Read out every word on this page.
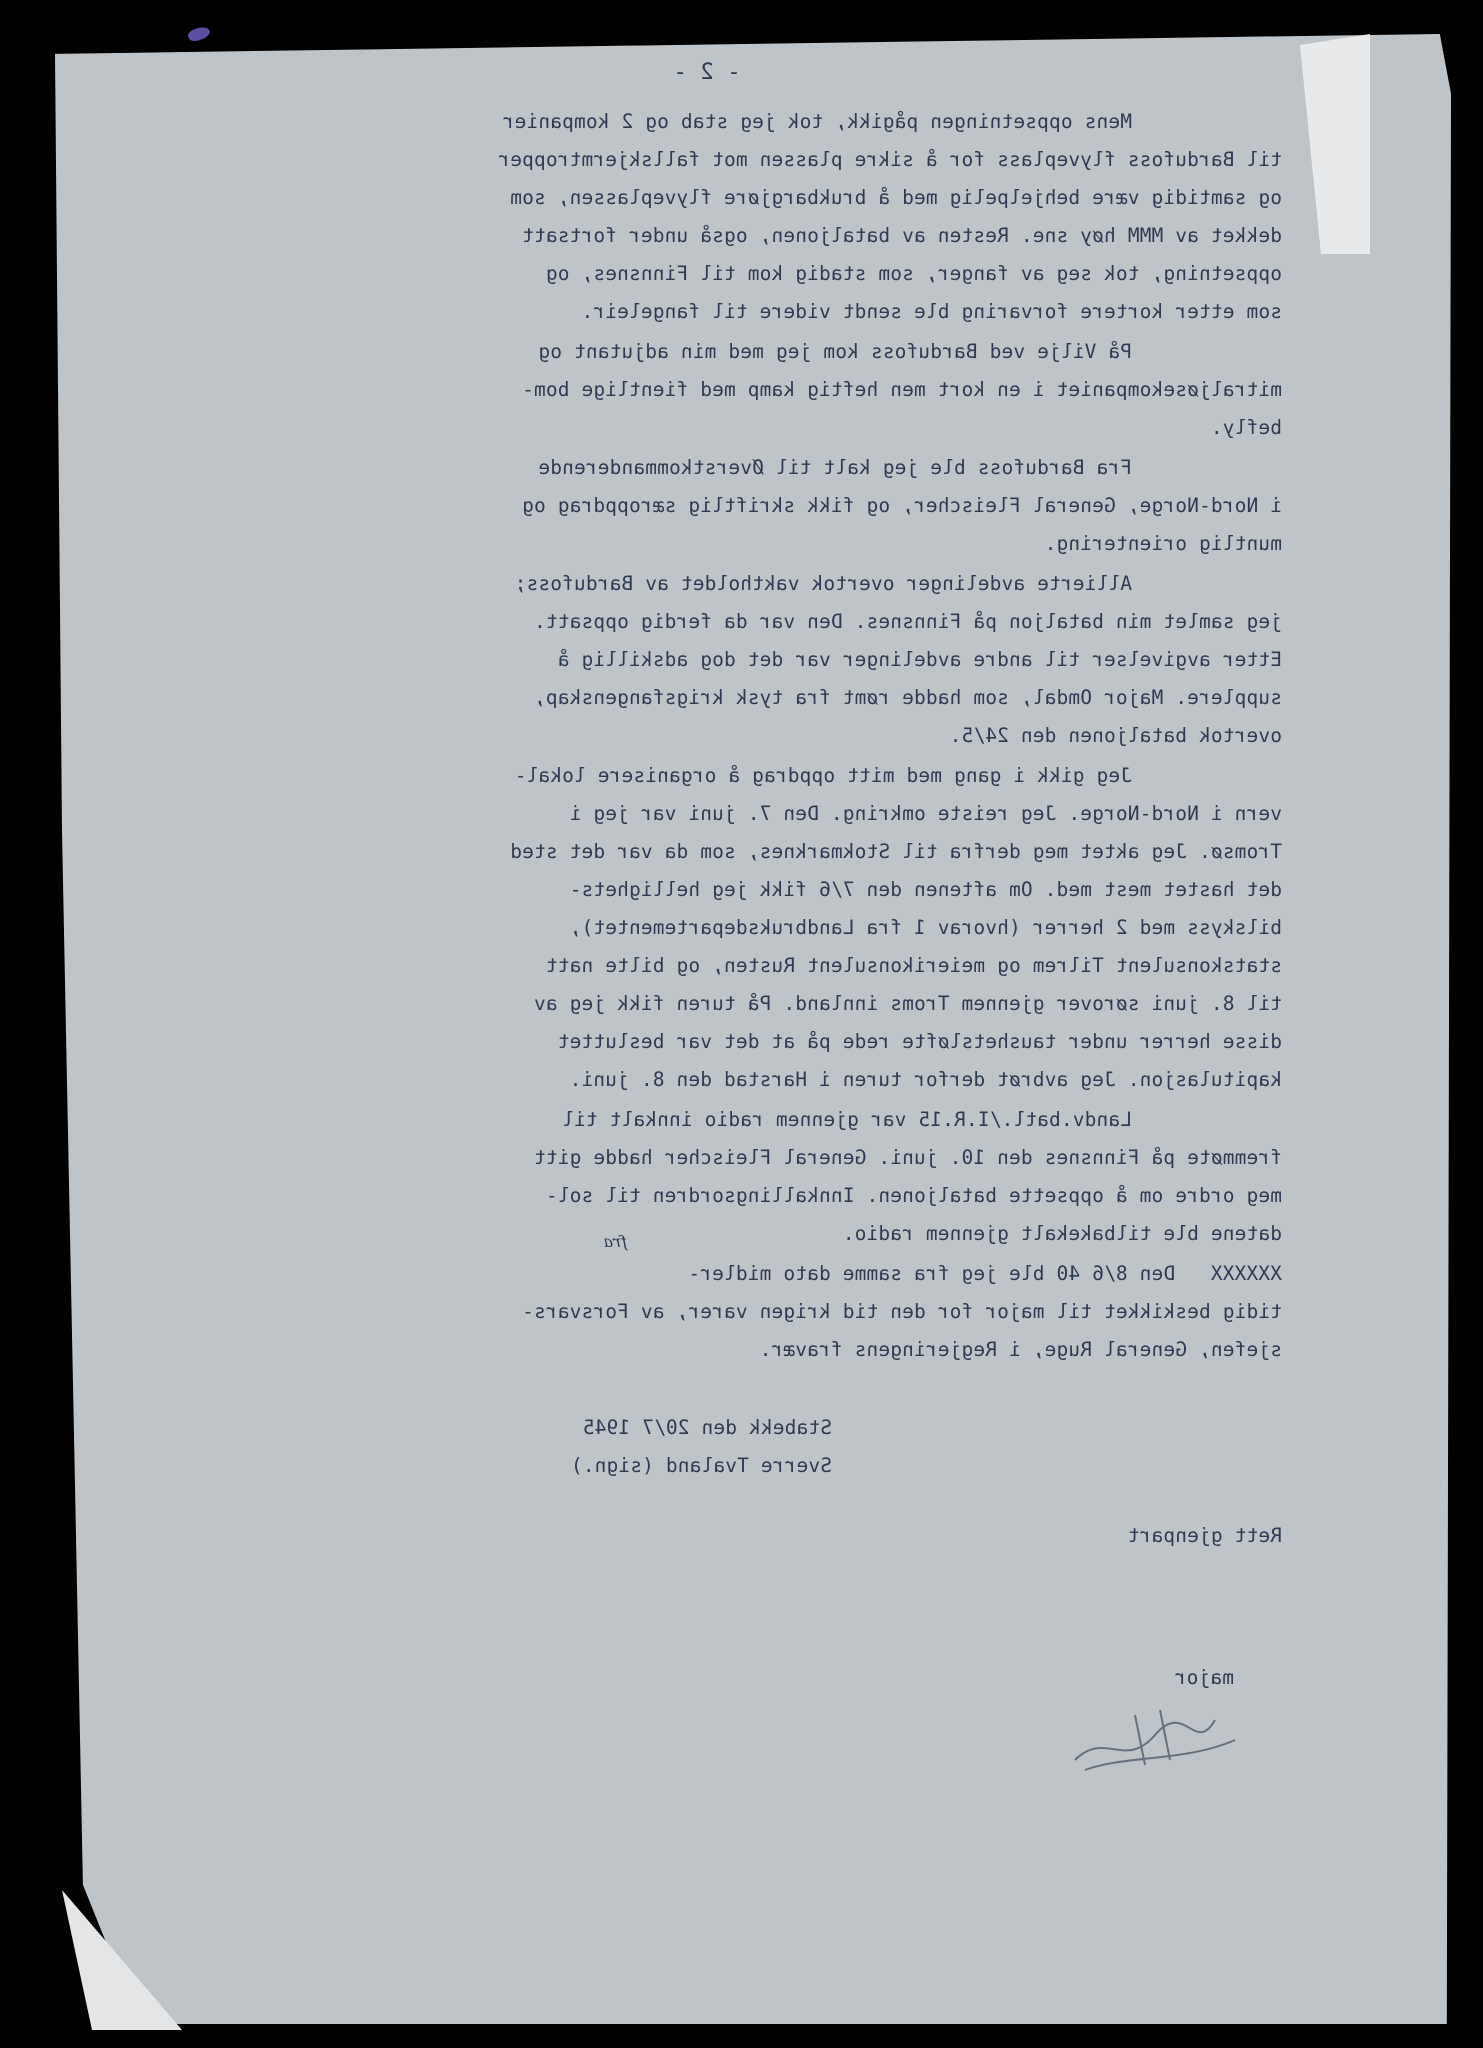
- 2 -
Mens oppsetningen pågikk, tok jeg stab og 2 kompanier
til Bardufoss flyveplass for å sikre plassen mot fallskjermtropper
og samtidig være behjelpelig med å brukbargjøre flyveplassen, som
dekket av MMM høy sne. Resten av bataljonen, også under fortsatt
oppsetning, tok seg av fanger, som stadig kom til Finnsnes, og
som etter kortere forvaring ble sendt videre til fangeleir.
På Vilje ved Bardufoss kom jeg med min adjutant og
mitraljøsekompaniet i en kort men heftig kamp med fientlige bom-
befly.
Fra Bardufoss ble jeg kalt til Øverstkommanderende
i Nord-Norge, General Fleischer, og fikk skriftlig særoppdrag og
muntlig orientering.
Allierte avdelinger overtok vaktholdet av Bardufoss;
jeg samlet min bataljon på Finnsnes. Den var da ferdig oppsatt.
Etter avgivelser til andre avdelinger var det dog adskillig å
supplere. Major Omdal, som hadde rømt fra tysk krigsfangenskap,
overtok bataljonen den 24/5.
Jeg gikk i gang med mitt oppdrag å organisere lokal-
vern i Nord-Norge. Jeg reiste omkring. Den 7. juni var jeg i
Tromsø. Jeg aktet meg derfra til Stokmarknes, som da var det sted
det hastet mest med. Om aftenen den 7/6 fikk jeg hellighets-
bilskyss med 2 herrer (hvorav 1 fra Landbruksdepartementet),
statskonsulent Tilrem og meierikonsulent Rusten, og bilte natt
til 8. juni sørover gjennem Troms innland. På turen fikk jeg av
disse herrer under taushetsløfte rede på at det var besluttet
kapitulasjon. Jeg avbrøt derfor turen i Harstad den 8. juni.
Landv.batl./I.R.15 var gjennem radio innkalt til
fremmøte på Finnsnes den 10. juni. General Fleischer hadde gitt
meg ordre om å oppsette bataljonen. Innkallingsordren til sol-
datene ble tilbakekalt gjennem radio.
XXXXXX   Den 8/6 40 ble jeg fra samme dato midler-
tidig beskikket til major for den tid krigen varer, av Forsvars-
sjefen, General Ruge, i Regjeringens fravær.
fra
Stabekk den 20/7 1945
Sverre Tvaland (sign.)
Rett gjenpart
major
